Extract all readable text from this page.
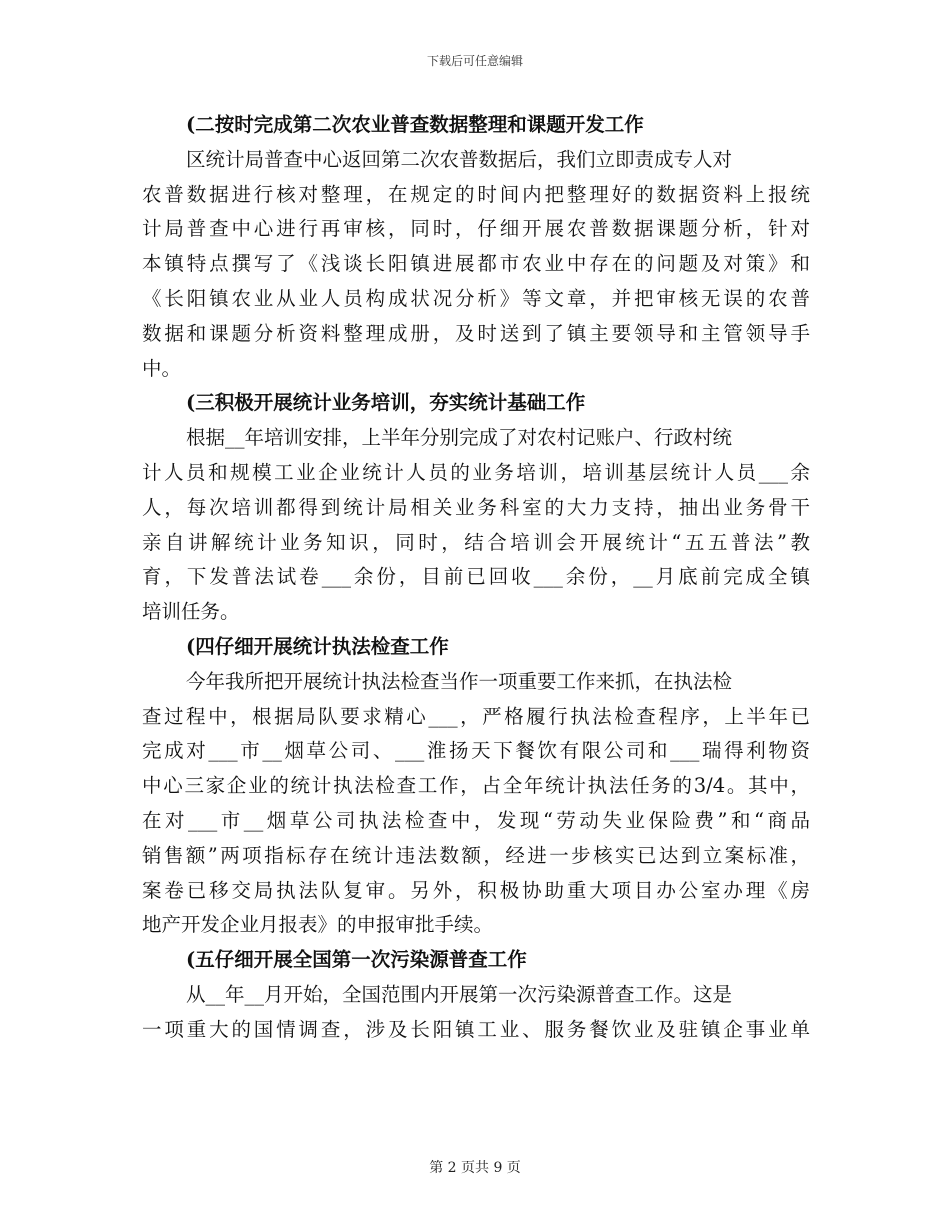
下载后可任意编辑
(二按时完成第二次农业普查数据整理和课题开发工作
区统计局普查中心返回第二次农普数据后，我们立即责成专人对
农普数据进行核对整理，在规定的时间内把整理好的数据资料上报统
计局普查中心进行再审核，同时，仔细开展农普数据课题分析，针对
本镇特点撰写了《浅谈长阳镇进展都市农业中存在的问题及对策》和
《长阳镇农业从业人员构成状况分析》等文章，并把审核无误的农普
数据和课题分析资料整理成册，及时送到了镇主要领导和主管领导手
中。
(三积极开展统计业务培训，夯实统计基础工作
根据__年培训安排，上半年分别完成了对农村记账户、行政村统
计人员和规模工业企业统计人员的业务培训，培训基层统计人员___余
人，每次培训都得到统计局相关业务科室的大力支持，抽出业务骨干
亲自讲解统计业务知识，同时，结合培训会开展统计“五五普法”教
育，下发普法试卷___余份，目前已回收___余份，__月底前完成全镇
培训任务。
(四仔细开展统计执法检查工作
今年我所把开展统计执法检查当作一项重要工作来抓，在执法检
查过程中，根据局队要求精心___，严格履行执法检查程序，上半年已
完成对___市__烟草公司、___淮扬天下餐饮有限公司和___瑞得利物资
中心三家企业的统计执法检查工作，占全年统计执法任务的3/4。其中，
在对___市__烟草公司执法检查中，发现“劳动失业保险费”和“商品
销售额”两项指标存在统计违法数额，经进一步核实已达到立案标准，
案卷已移交局执法队复审。另外，积极协助重大项目办公室办理《房
地产开发企业月报表》的申报审批手续。
(五仔细开展全国第一次污染源普查工作
从__年__月开始，全国范围内开展第一次污染源普查工作。这是
一项重大的国情调查，涉及长阳镇工业、服务餐饮业及驻镇企事业单
第 2 页共 9 页
